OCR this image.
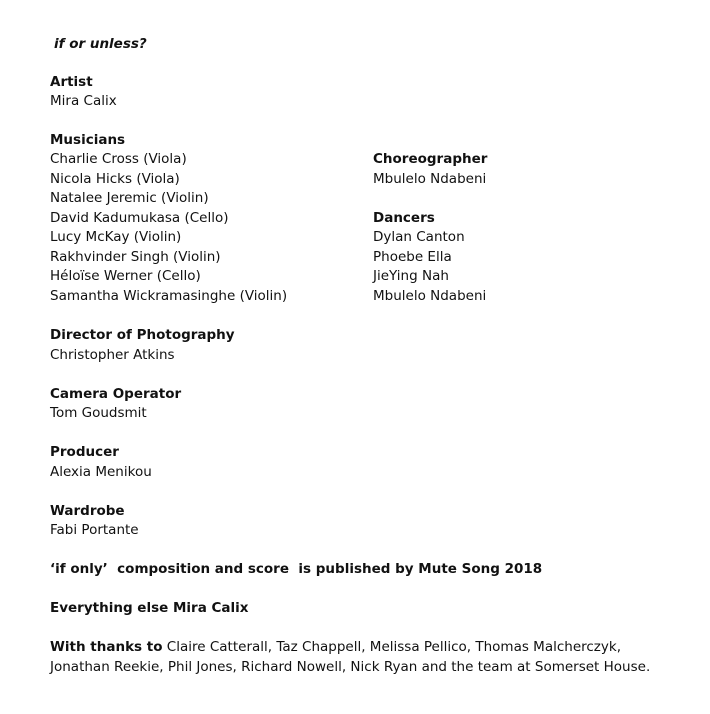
if or unless?
Artist
Mira Calix
Musicians
Charlie Cross (Viola)
Nicola Hicks (Viola)
Natalee Jeremic (Violin)
David Kadumukasa (Cello)
Lucy McKay (Violin)
Rakhvinder Singh (Violin)
Héloïse Werner (Cello)
Samantha Wickramasinghe (Violin)
Choreographer
Mbulelo Ndabeni
Dancers
Dylan Canton
Phoebe Ella
JieYing Nah
Mbulelo Ndabeni
Director of Photography
Christopher Atkins
Camera Operator
Tom Goudsmit
Producer
Alexia Menikou
Wardrobe
Fabi Portante
‘if only’  composition and score  is published by Mute Song 2018
Everything else Mira Calix
With thanks to Claire Catterall, Taz Chappell, Melissa Pellico, Thomas Malcherczyk,
Jonathan Reekie, Phil Jones, Richard Nowell, Nick Ryan and the team at Somerset House.
